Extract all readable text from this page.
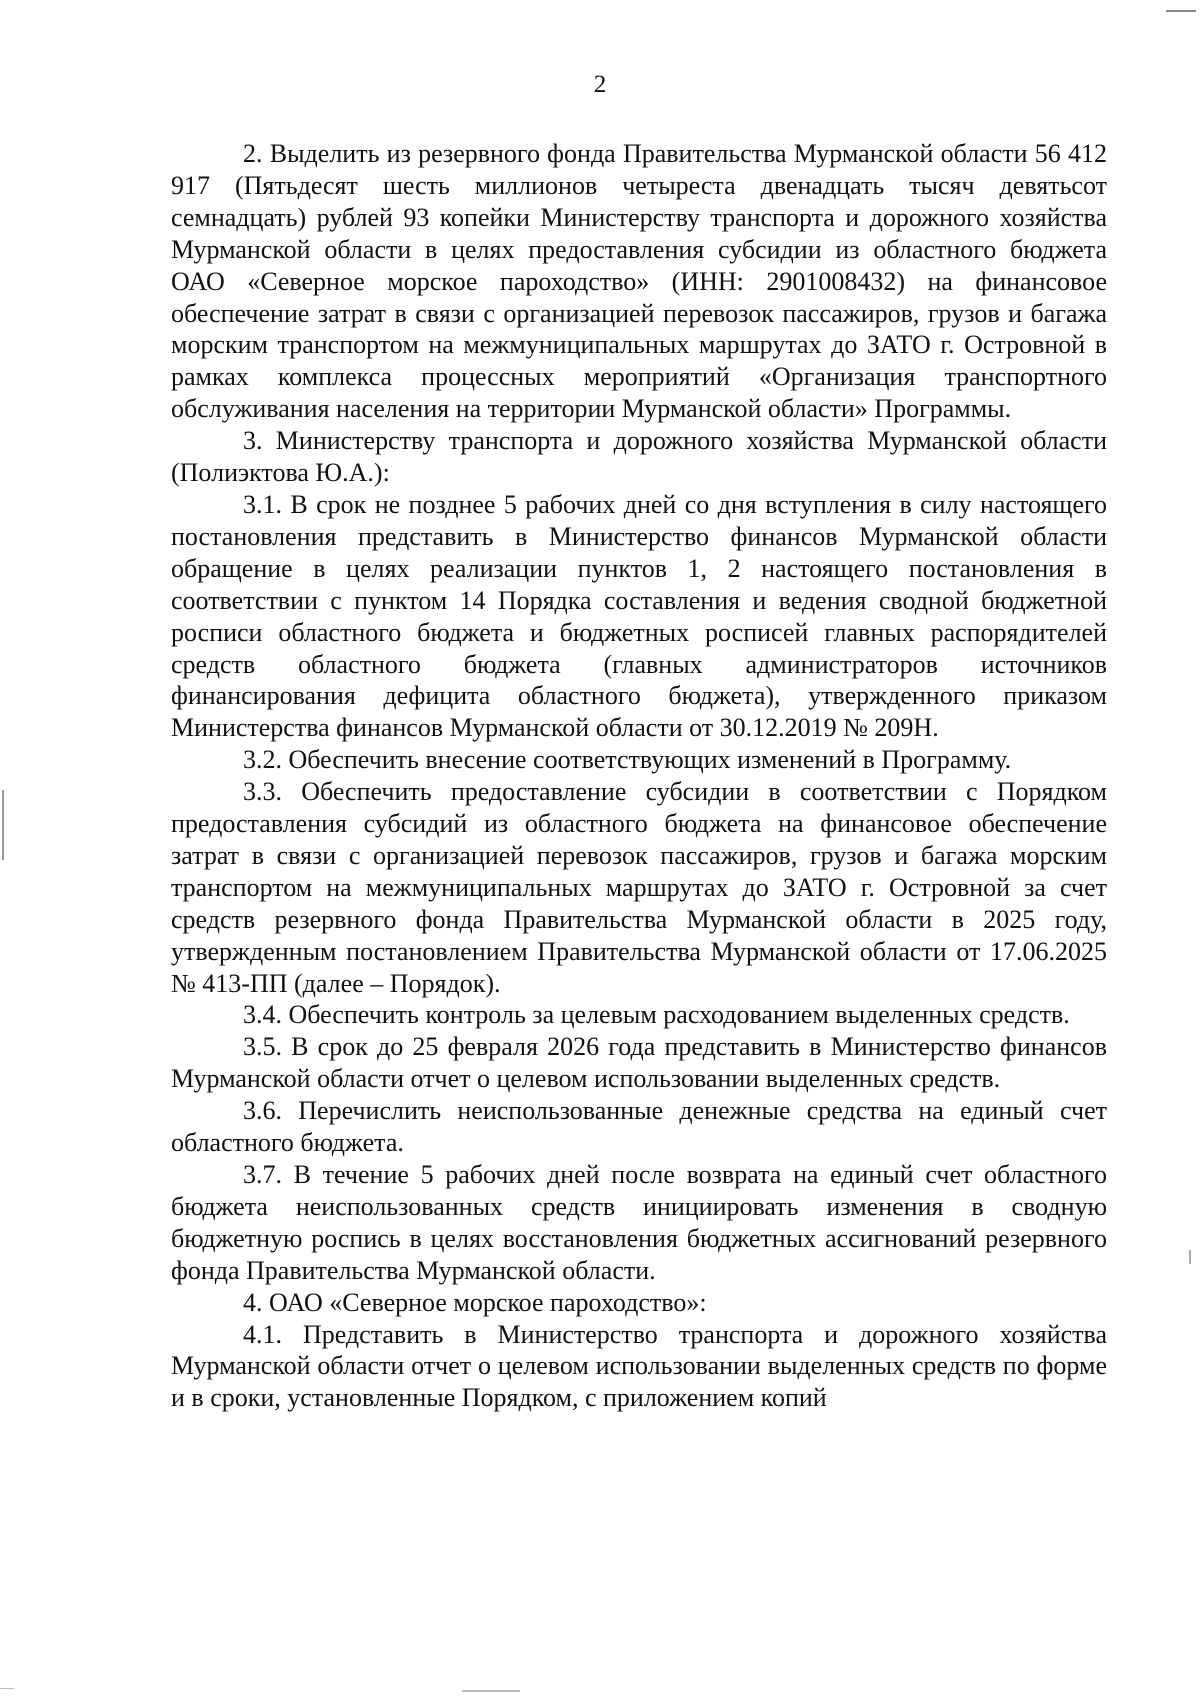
2

2. Выделить из резервного фонда Правительства Мурманской области 56 412 917 (Пятьдесят шесть миллионов четыреста двенадцать тысяч девятьсот семнадцать) рублей 93 копейки Министерству транспорта и дорожного хозяйства Мурманской области в целях предоставления субсидии из областного бюджета ОАО «Северное морское пароходство» (ИНН: 2901008432) на финансовое обеспечение затрат в связи с организацией перевозок пассажиров, грузов и багажа морским транспортом на межмуниципальных маршрутах до ЗАТО г. Островной в рамках комплекса процессных мероприятий «Организация транспортного обслуживания населения на территории Мурманской области» Программы.

3. Министерству транспорта и дорожного хозяйства Мурманской области (Полиэктова Ю.А.):

3.1. В срок не позднее 5 рабочих дней со дня вступления в силу настоящего постановления представить в Министерство финансов Мурманской области обращение в целях реализации пунктов 1, 2 настоящего постановления в соответствии с пунктом 14 Порядка составления и ведения сводной бюджетной росписи областного бюджета и бюджетных росписей главных распорядителей средств областного бюджета (главных администраторов источников финансирования дефицита областного бюджета), утвержденного приказом Министерства финансов Мурманской области от 30.12.2019 № 209Н.

3.2. Обеспечить внесение соответствующих изменений в Программу.

3.3. Обеспечить предоставление субсидии в соответствии с Порядком предоставления субсидий из областного бюджета на финансовое обеспечение затрат в связи с организацией перевозок пассажиров, грузов и багажа морским транспортом на межмуниципальных маршрутах до ЗАТО г. Островной за счет средств резервного фонда Правительства Мурманской области в 2025 году, утвержденным постановлением Правительства Мурманской области от 17.06.2025 № 413-ПП (далее – Порядок).

3.4. Обеспечить контроль за целевым расходованием выделенных средств.

3.5. В срок до 25 февраля 2026 года представить в Министерство финансов Мурманской области отчет о целевом использовании выделенных средств.

3.6. Перечислить неиспользованные денежные средства на единый счет областного бюджета.

3.7. В течение 5 рабочих дней после возврата на единый счет областного бюджета неиспользованных средств инициировать изменения в сводную бюджетную роспись в целях восстановления бюджетных ассигнований резервного фонда Правительства Мурманской области.

4. ОАО «Северное морское пароходство»:

4.1. Представить в Министерство транспорта и дорожного хозяйства Мурманской области отчет о целевом использовании выделенных средств по форме и в сроки, установленные Порядком, с приложением копий
